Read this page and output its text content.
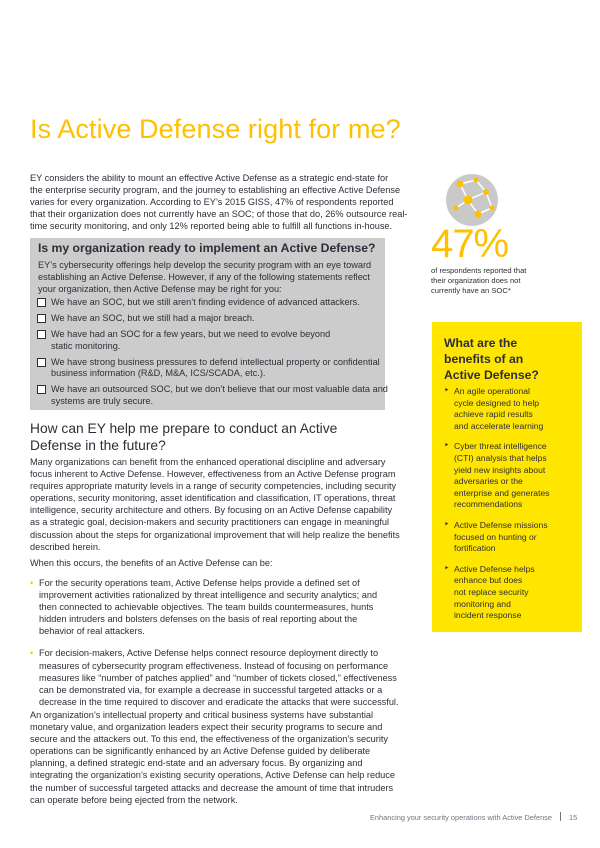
Is Active Defense right for me?

EY considers the ability to mount an effective Active Defense as a strategic end-state for
the enterprise security program, and the journey to establishing an effective Active Defense
varies for every organization. According to EY’s 2015 GISS, 47% of respondents reported
that their organization does not currently have an SOC; of those that do, 26% outsource real-
time security monitoring, and only 12% reported being able to fulfill all functions in-house. 47%
of respondents reported that
their organization does not
currently have an SOC*
Is my organization ready to implement an Active Defense?
EY’s cybersecurity offerings help develop the security program with an eye toward
establishing an Active Defense. However, if any of the following statements reflect
your organization, then Active Defense may be right for you:
We have an SOC, but we still aren’t finding evidence of advanced attackers.
We have an SOC, but we still had a major breach.
We have had an SOC for a few years, but we need to evolve beyond
static monitoring.
We have strong business pressures to defend intellectual property or confidential
business information (R&D, M&A, ICS/SCADA, etc.).
We have an outsourced SOC, but we don’t believe that our most valuable data and
systems are truly secure.
How can EY help me prepare to conduct an Active
Defense in the future?

Many organizations can benefit from the enhanced operational discipline and adversary
focus inherent to Active Defense. However, effectiveness from an Active Defense program
requires appropriate maturity levels in a range of security competencies, including security
operations, security monitoring, asset identification and classification, IT operations, threat
intelligence, security architecture and others. By focusing on an Active Defense capability
as a strategic goal, decision-makers and security practitioners can engage in meaningful
discussion about the steps for organizational improvement that will help realize the benefits
described herein.

When this occurs, the benefits of an Active Defense can be:

• For the security operations team, Active Defense helps provide a defined set of
improvement activities rationalized by threat intelligence and security analytics; and
then connected to achievable objectives. The team builds countermeasures, hunts
hidden intruders and bolsters defenses on the basis of real reporting about the
behavior of real attackers.
• For decision-makers, Active Defense helps connect resource deployment directly to
measures of cybersecurity program effectiveness. Instead of focusing on performance
measures like “number of patches applied” and “number of tickets closed,” effectiveness
can be demonstrated via, for example a decrease in successful targeted attacks or a
decrease in the time required to discover and eradicate the attacks that were successful.

An organization’s intellectual property and critical business systems have substantial
monetary value, and organization leaders expect their security programs to secure and
secure and the attackers out. To this end, the effectiveness of the organization’s security
operations can be significantly enhanced by an Active Defense guided by deliberate
planning, a defined strategic end-state and an adversary focus. By organizing and
integrating the organization’s existing security operations, Active Defense can help reduce
the number of successful targeted attacks and decrease the amount of time that intruders
can operate before being ejected from the network.

What are the
benefits of an
Active Defense?
‣ An agile operational
cycle designed to help
achieve rapid results
and accelerate learning
‣ Cyber threat intelligence
(CTI) analysis that helps
yield new insights about
adversaries or the
enterprise and generates
recommendations
‣ Active Defense missions
focused on hunting or
fortification
‣ Active Defense helps
enhance but does
not replace security
monitoring and
incident response
Enhancing your security operations with Active Defense 15
